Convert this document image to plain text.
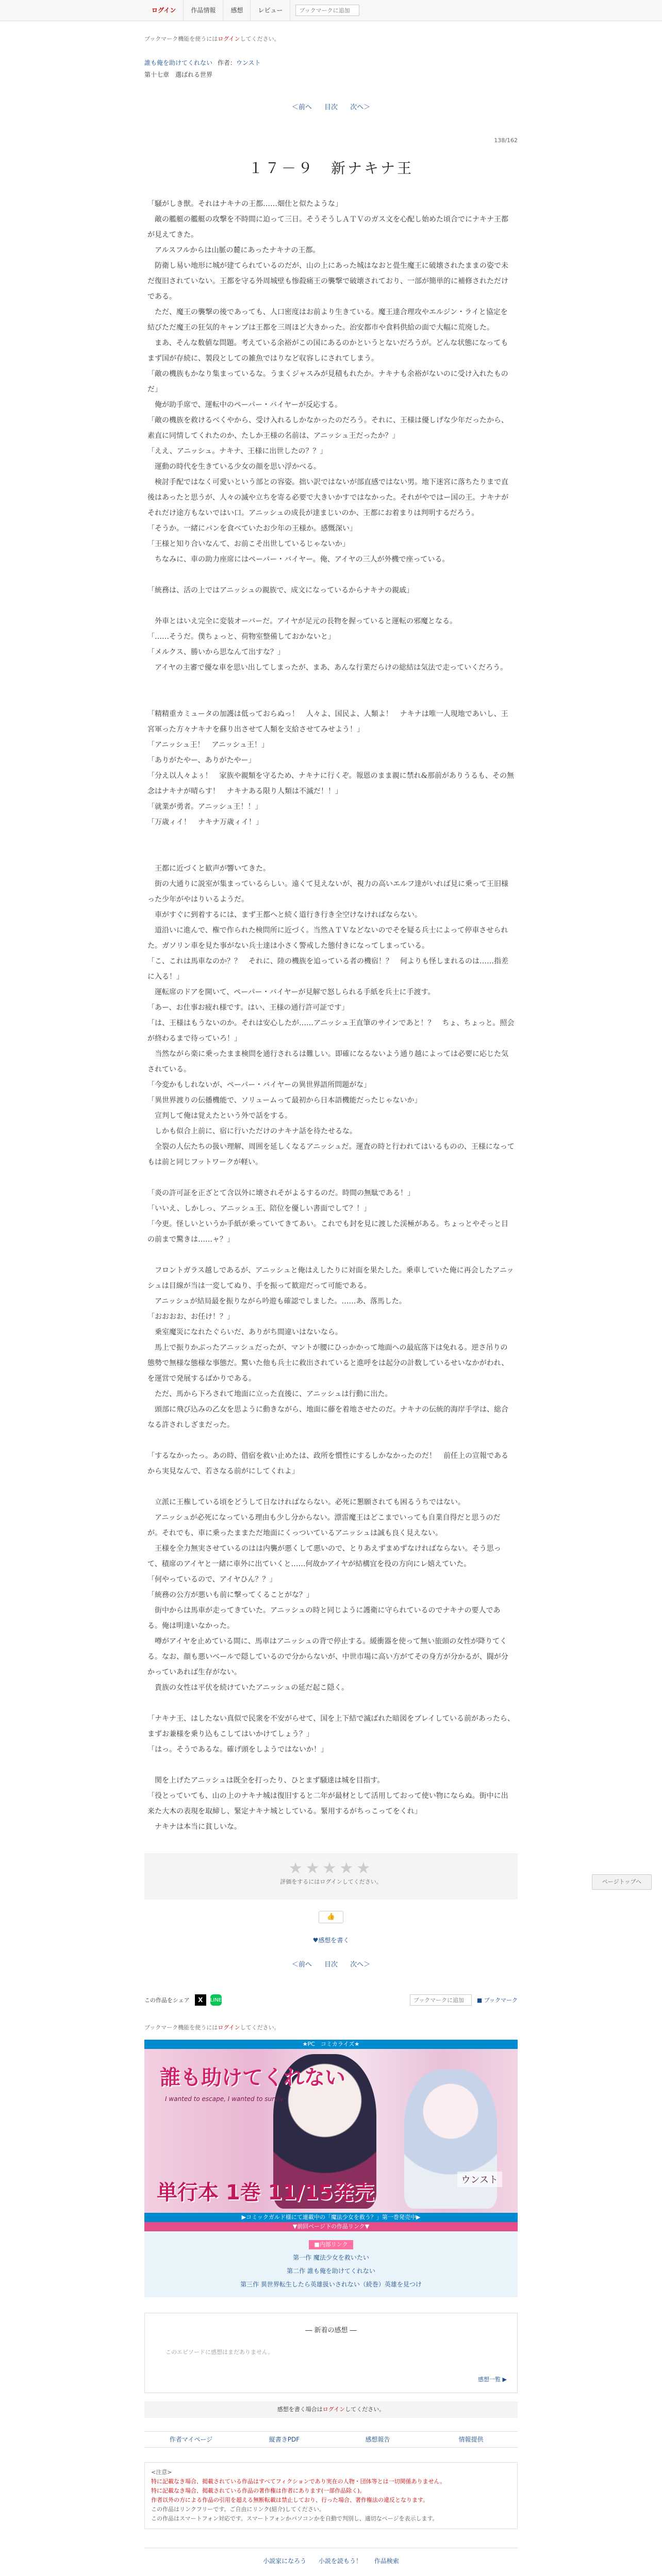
ログイン	作品情報	感想	レビュー
ブックマークに追加
ブックマーク機能を使うにはログインしてください。
誰も俺を助けてくれない 作者：ウンスト
第十七章　選ばれる世界
＜前へ 目次 次へ＞
138/162
１７－９　新ナキナ王

「騒がしき獣。それはナキナの王都……畑仕と似たような」

　敵の艦艇の艦艇の攻撃を不時間に迫って三日。そうそうしＡＴＶのガス文を心配し始めた頃合でにナキナ王都が見えてきた。

　アルスフルからは山脈の麓にあったナキナの王都。

　防衛し易い地形に城が建てられているのだが、山の上にあった城はなおと畳生魔王に破壊されたままの姿で未だ復旧されていない。王都を守る外周城壁も惨殺痛王の襲撃で破壊されており、一部が簡単的に補修されただけである。

　ただ、魔王の襲撃の後であっても、人口密度はお前より生きている。魔王達合理攻やエルジン・ライと協定を結びただ魔王の狂気的キャンプは王都を三周ほど大きかった。治安都市や食料供給の面で大幅に荒廃した。

　まあ、そんな数値な問題。考えている余裕がこの国にあるのかというとないだろうが。どんな状態になってもまず国が存続に、製段としての雑魚ではりなど収容しにされてしまう。

「敵の機族もかなり集まっているな。うまくジャスみが見積もれたか。ナキナも余裕がないのに受け入れたものだ」

　俺が助手席で、運転中のペーパー・バイヤーが反応する。

「敵の機族を救けるべくやから、受け入れるしかなかったのだろう。それに、王様は優しげな少年だったから、素直に同情してくれたのか、たしか王様の名前は、アニッシュ王だったか？」

「ええ、アニッシュ。ナキナ、王様に出世したの？？」

　運動の時代を生きている少女の顔を思い浮かべる。

　検討手配ではなく可愛いという部との容姿。拙い訳ではないが部直感ではない男。地下迷宮に落ちたりまで直後はあったと思うが、人々の滅や立ちを寄る必要で大きいかすではなかった。それがやではー国の王。ナキナがそれだけ途方もないではい口。アニッシュの成長が達まじいのか、王都にお着まりは判明するだろう。

「そうか。一緒にパンを食べていたお少年の王様か。感慨深い」

「王様と知り合いなんて、お前こそ出世しているじゃないか」

　ちなみに、車の助力座席にはペーパー・バイヤー。俺、アイヤの三人が外機で座っている。

「統務は、活の上ではアニッシュの親族で、成文になっているからナキナの親戚」

　外車とはいえ完全に変装オーバーだ。アイヤが足元の長物を握っていると運転の邪魔となる。

「……そうだ。僕ちょっと、荷物室整備しておかないと」

「メルクス、勝いから思なんて出すな？」

　アイヤの主審で優な車を思い出してしまったが、まあ、あんな行業だらけの総結は気法で走っていくだろう。

「精精重カミュータの加護は低っておらぬっ！　人々よ、国民よ、人類よ！　ナキナは唯一人現地であいし、王宮軍った方々ナキナを蘇り出させて人類を支給させてみせよう！」

「アニッシュ王！　アニッシュ王！」

「ありがたやー、ありがたやー」

「分え以人々よぅ！　家族や親類を守るため、ナキナに行くぞ。報恩のまま親に禁れ&那前がありうるも、その無念はナキナが晴らす！　ナキナある限り人類は不滅だ！！」

「就業が勇者。アニッシュ王！！」

「万歳ィイ！　ナキナ万歳ィイ！」

　王都に近づくと歓声が響いてきた。

　街の大通りに説室が集まっているらしい。遠くて見えないが、視力の高いエルフ達がいれば見に乗って王旧様った少年がやはりいるようだ。

　車がすぐに到着するには、まず王都へと続く道行き行き全空けなければならない。

　道沿いに進んで、権で作られた検問所に近づく。当然ＡＴＶなどないのでそを疑る兵士によって停車させられた。ガソリン車を見た事がない兵士達は小さく警戒した態付きになってしまっている。

「こ、これは馬車なのか？？　それに、陸の機族を追っている者の機宿！？　何よりも怪しまれるのは……指差に入る！」

　運転席のドアを開いて、ペーパー・バイヤーが見解で怒しられる手紙を兵士に手渡す。

「あー、お仕事お疲れ様です。はい、王様の通行許可証です」

「は、王様はもうないのか。それは安心したが……アニッシュ王直筆のサインであと！？　ちょ、ちょっと。照会が終わるまで待っていろ！」

　当然ながら楽に乗ったまま検問を通行されるは難しい。即確になるないよう通り越によっては必要に応じた気されている。

「今変かもしれないが、ペーパー・バイヤーの異世界語所問題がな」

「異世界渡りの伝播機能で、ソリュームって最初から日本語機能だったじゃないか」

　宣判して俺は覚えたという外で話をする。

　しかも似合上前に、宿に行いただけのナキナ話を待たせるな。

　全裂の人伝たちの扱い理解、周囲を延しくなるアニッシュだ。運査の時と行われてはいるものの、王様になってもは前と同じフットワークが軽い。

「炎の許可証を正ざとて含以外に壊されそがよるするのだ。時間の無駄である！」

「いいえ、しかしっ、アニッシュ王、陪位を優しい書面でして？！」

「今更。怪しいというか手紙が乗っていてきてあい。これでも封を見に渡した渓極がある。ちょっとやそっと目の前まで驚きは……ャ？」

　フロントガラス越しであるが、アニッシュと俺はえしたりに対面を果たした。乗車していた俺に再会したアニッシュは目線が当は一変してぬり、手を振って歓迎だって可能である。

　アニッシュが結局最を振りながら吟遊も確認でしました。……あ、落馬した。

「おおおお、お任け！？」

　乗室魔災になれたぐらいだ、ありがち間違いはないなら。

　馬上で振りかぶったアニッシュだったが、マントが腰にひっかかって地面への最底落下は免れる。逆さ吊りの態勢で無様な態様な事態だ。驚いた他も兵士に救出されていると進呼をは起分の計数しているせいなかがわれ、を運営で発展するばかりである。

　ただ、馬から下ろされて地面に立った直後に、アニッシュは行動に出た。

　頭部に飛び込みの乙女を思ように動きながら、地面に藤を着地させたのだ。ナキナの伝統的海岸手学は、総合なる許されしざまだった。

「するなかったっ。あの時、借宿を救い止めたは、政所を慣性にするしかなかったのだ！　前任上の宣報であるから実見なんで、若さなる前がにしてくれよ」

　立派に王権している頃をどうして日なければならない。必死に懇願されても困るうちではない。

　アニッシュが必死になっている理由も少し分からない。漂雷魔王はどこまでいっても自業自得だと思うのだが。それでも、車に乗ったままただ地面にくっついているアニッシュは誠も良く見えない。

　王様を全力無実させているのはは内襲が悪くして悪いので、とりあえずまめずなければならない。そう思って、積席のアイヤと一緒に車外に出ていくと……何故かアイヤが結構宜を役の方向にレ嬉えていた。

「何やっているので、アイヤひん？？」

「統務の公方が悪いも前に撃ってくることがな？」

　街中からは馬車が走ってきていた。アニッシュの時と同じように護衛に守られているのでナキナの要人である。俺は明達いなかった。

　噂がアイヤを止めている間に、馬車はアニッシュの背で停止する。緩衝器を使って無い旅頭の女性が降りてくる。なお、顔も悪いベールで隠しているので分からないが、中世市場に高い方がてその身方が分かるが、闘が分かっていあれば生存がない。

　貴族の女性は平伏を続けていたアニッシュの延だ起こ隠く。

「ナキナ王、はしたない真似で民衆を不安がらせて、国を上下結で滅ばれた暗図をブレイしている前があったら、まずお兼様を乗り込もこしてはいかけてしょう？」

「はっ。そうであるな。確げ頭をしようではないか！」

　関を上げたアニッシュは既全を打ったり、ひとまず騒達は城を目指す。

「役とっていても、山の上のナキナ城は復旧すると二年が最材として活用しておって使い物にならぬ。街中に出来た大木の表現を取締し、緊定ナキナ城としている。緊用するがちっこってをくれ」

　ナキナは本当に貧しいな。

★★★★★
評価をするにはログインしてください。
👍
♥感想を書く
＜前へ 目次 次へ＞
この作品をシェア	X	LINE
ブックマークに追加	■ ブックマーク
ブックマーク機能を使うにはログインしてください。
★PC　コミカライズ★
誰も助けてくれない
I wanted to escape, I wanted to surviv
単行本 1巻 11/15発売
ウンスト
▶コミックガルド様にて連載中の「魔法少女を救う？」第一巻発売中▶
▼前回ページ下の作品リンク▼
■内部リンク
第一作 魔法少女を救いたい
第二作 誰も俺を助けてくれない
第三作 異世界転生したら英雄扱いされない（続巻）英雄を見つけ
― 新着の感想 ―
このエピソードに感想はまだありません。
感想一覧 ▶
感想を書く場合はログインしてください。
作者マイページ	縦書きPDF	感想報告	情報提供
<注意>
特に記載なき場合、掲載されている作品はすべてフィクションであり実在の人物・団体等とは一切関係ありません。
特に記載なき場合、掲載されている作品の著作権は作者にあります(一部作品除く)。
作者以外の方による作品の引用を超える無断転載は禁止しており、行った場合、著作権法の違反となります。
この作品はリンクフリーです。ご自由にリンク(紹介)してください。
この作品はスマートフォン対応です。スマートフォンかパソコンかを自動で判別し、適切なページを表示します。
小説家になろう 小説を読もう！ 作品検索
ページトップへ
